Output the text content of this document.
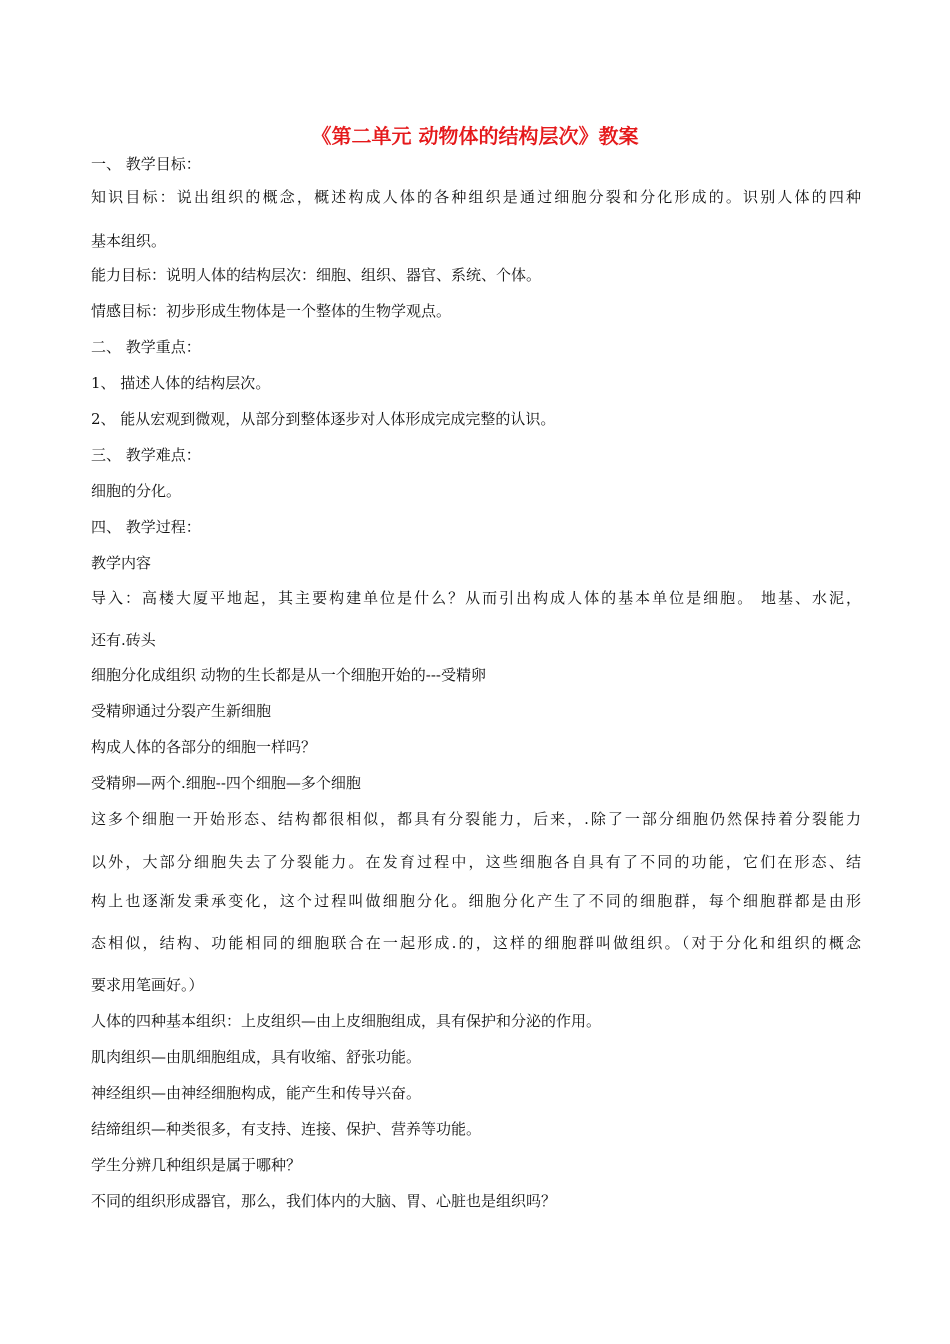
《第二单元 动物体的结构层次》教案
一、 教学目标：
知识目标：说出组织的概念，概述构成人体的各种组织是通过细胞分裂和分化形成的。识别人体的四种
基本组织。
能力目标：说明人体的结构层次：细胞、组织、器官、系统、个体。
情感目标：初步形成生物体是一个整体的生物学观点。
二、 教学重点：
1、 描述人体的结构层次。
2、 能从宏观到微观，从部分到整体逐步对人体形成完成完整的认识。
三、 教学难点：
细胞的分化。
四、 教学过程：
教学内容
导入：高楼大厦平地起，其主要构建单位是什么？从而引出构成人体的基本单位是细胞。 地基、水泥，
还有.砖头
细胞分化成组织 动物的生长都是从一个细胞开始的---受精卵
受精卵通过分裂产生新细胞
构成人体的各部分的细胞一样吗？
受精卵—两个.细胞--四个细胞—多个细胞
这多个细胞一开始形态、结构都很相似，都具有分裂能力，后来，.除了一部分细胞仍然保持着分裂能力
以外，大部分细胞失去了分裂能力。在发育过程中，这些细胞各自具有了不同的功能，它们在形态、结
构上也逐渐发秉承变化，这个过程叫做细胞分化。细胞分化产生了不同的细胞群，每个细胞群都是由形
态相似，结构、功能相同的细胞联合在一起形成.的，这样的细胞群叫做组织。（对于分化和组织的概念
要求用笔画好。）
人体的四种基本组织：上皮组织—由上皮细胞组成，具有保护和分泌的作用。
肌肉组织—由肌细胞组成，具有收缩、舒张功能。
神经组织—由神经细胞构成，能产生和传导兴奋。
结缔组织—种类很多，有支持、连接、保护、营养等功能。
学生分辨几种组织是属于哪种？
不同的组织形成器官，那么，我们体内的大脑、胃、心脏也是组织吗？
